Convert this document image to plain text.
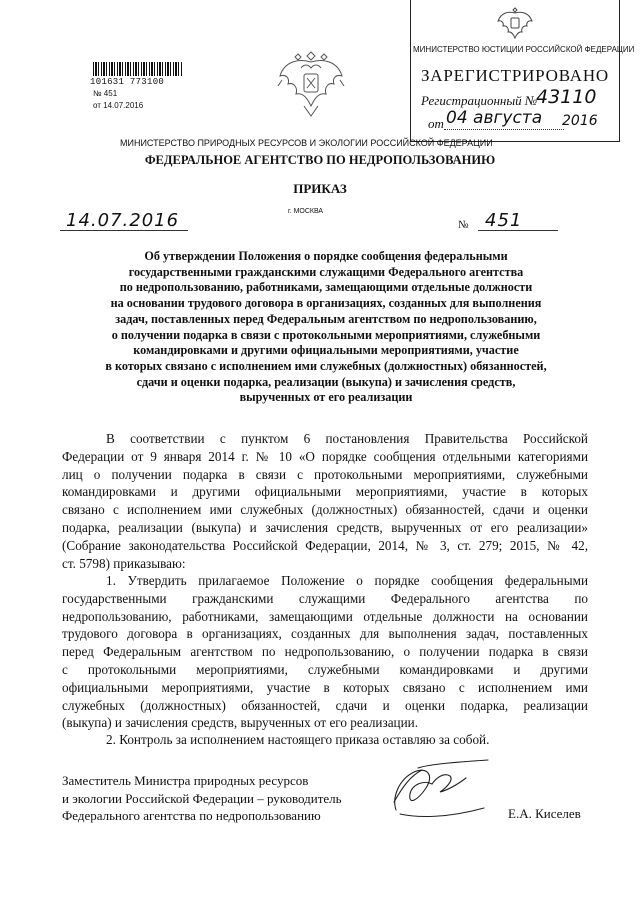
101631 773100
№ 451
от 14.07.2016
МИНИСТЕРСТВО ЮСТИЦИИ РОССИЙСКОЙ ФЕДЕРАЦИИ
ЗАРЕГИСТРИРОВАНО
Регистрационный №
43110
от 04 августа 2016
МИНИСТЕРСТВО ПРИРОДНЫХ РЕСУРСОВ И ЭКОЛОГИИ РОССИЙСКОЙ ФЕДЕРАЦИИ
ФЕДЕРАЛЬНОЕ АГЕНТСТВО ПО НЕДРОПОЛЬЗОВАНИЮ
ПРИКАЗ
г. МОСКВА
14.07.2016	№ 451
Об утверждении Положения о порядке сообщения федеральными
государственными гражданскими служащими Федерального агентства
по недропользованию, работниками, замещающими отдельные должности
на основании трудового договора в организациях, созданных для выполнения
задач, поставленных перед Федеральным агентством по недропользованию,
о получении подарка в связи с протокольными мероприятиями, служебными
командировками и другими официальными мероприятиями, участие
в которых связано с исполнением ими служебных (должностных) обязанностей,
сдачи и оценки подарка, реализации (выкупа) и зачисления средств,
вырученных от его реализации
В соответствии с пунктом 6 постановления Правительства Российской
Федерации от 9 января 2014 г. № 10 «О порядке сообщения отдельными категориями
лиц о получении подарка в связи с протокольными мероприятиями, служебными
командировками и другими официальными мероприятиями, участие в которых
связано с исполнением ими служебных (должностных) обязанностей, сдачи и оценки
подарка, реализации (выкупа) и зачисления средств, вырученных от его реализации»
(Собрание законодательства Российской Федерации, 2014, № 3, ст. 279; 2015, № 42,
ст. 5798) приказываю:
1. Утвердить прилагаемое Положение о порядке сообщения федеральными
государственными гражданскими служащими Федерального агентства по
недропользованию, работниками, замещающими отдельные должности на основании
трудового договора в организациях, созданных для выполнения задач, поставленных
перед Федеральным агентством по недропользованию, о получении подарка в связи
с протокольными мероприятиями, служебными командировками и другими
официальными мероприятиями, участие в которых связано с исполнением ими
служебных (должностных) обязанностей, сдачи и оценки подарка, реализации
(выкупа) и зачисления средств, вырученных от его реализации.
2. Контроль за исполнением настоящего приказа оставляю за собой.
Заместитель Министра природных ресурсов
и экологии Российской Федерации – руководитель
Федерального агентства по недропользованию	Е.А. Киселев
